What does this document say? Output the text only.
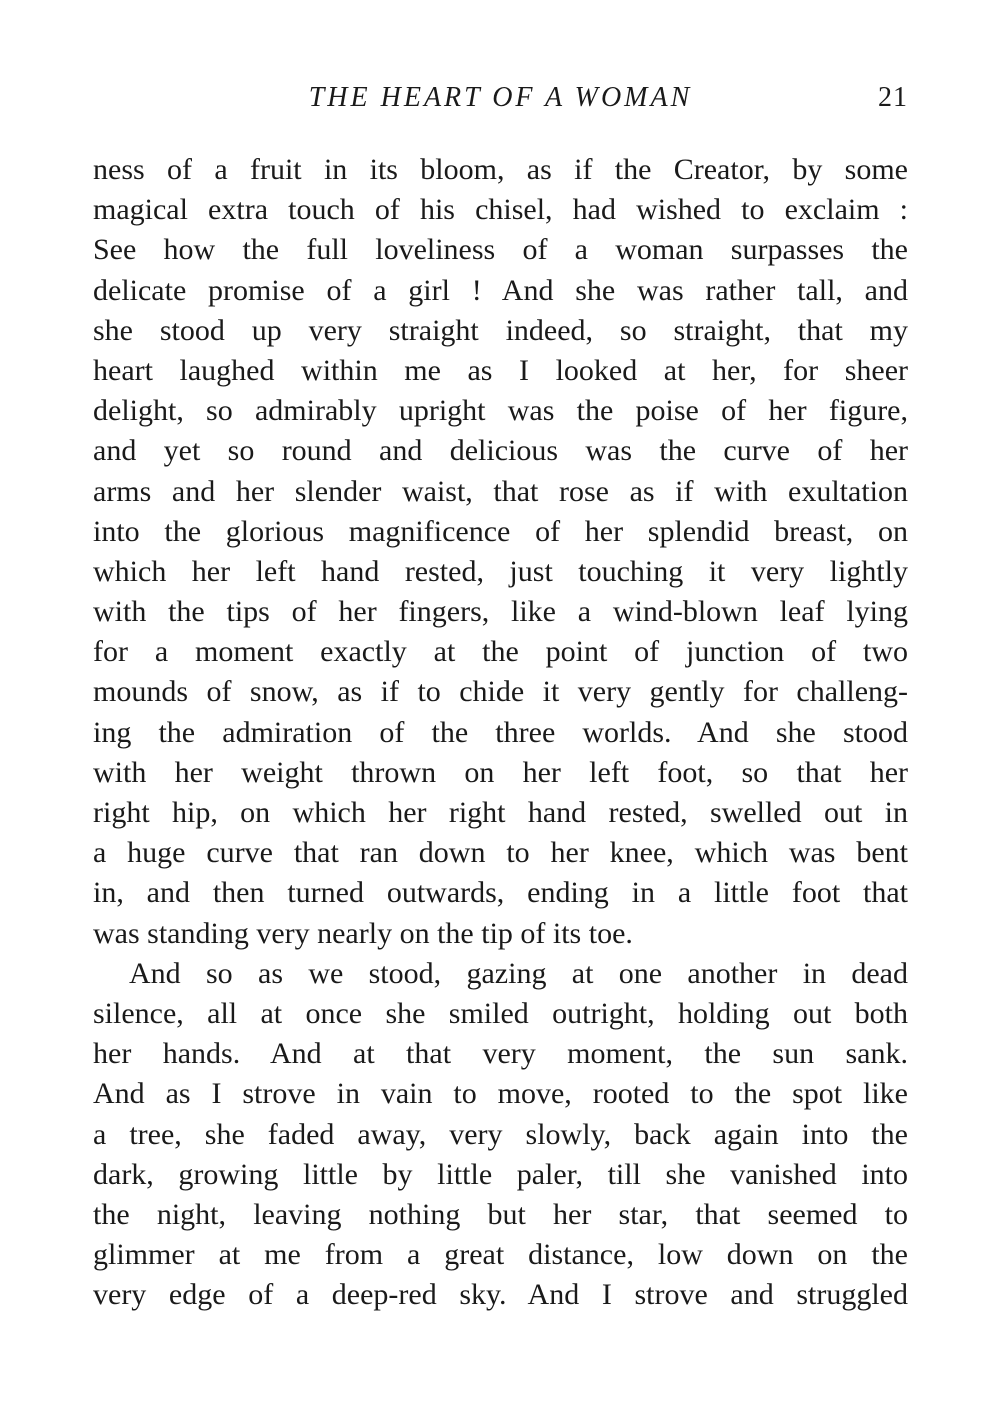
THE HEART OF A WOMAN	21
ness of a fruit in its bloom, as if the Creator, by some
magical extra touch of his chisel, had wished to exclaim :
See how the full loveliness of a woman surpasses the
delicate promise of a girl ! And she was rather tall, and
she stood up very straight indeed, so straight, that my
heart laughed within me as I looked at her, for sheer
delight, so admirably upright was the poise of her figure,
and yet so round and delicious was the curve of her
arms and her slender waist, that rose as if with exultation
into the glorious magnificence of her splendid breast, on
which her left hand rested, just touching it very lightly
with the tips of her fingers, like a wind-blown leaf lying
for a moment exactly at the point of junction of two
mounds of snow, as if to chide it very gently for challeng-
ing the admiration of the three worlds. And she stood
with her weight thrown on her left foot, so that her
right hip, on which her right hand rested, swelled out in
a huge curve that ran down to her knee, which was bent
in, and then turned outwards, ending in a little foot that
was standing very nearly on the tip of its toe.
And so as we stood, gazing at one another in dead
silence, all at once she smiled outright, holding out both
her hands. And at that very moment, the sun sank.
And as I strove in vain to move, rooted to the spot like
a tree, she faded away, very slowly, back again into the
dark, growing little by little paler, till she vanished into
the night, leaving nothing but her star, that seemed to
glimmer at me from a great distance, low down on the
very edge of a deep-red sky. And I strove and struggled
